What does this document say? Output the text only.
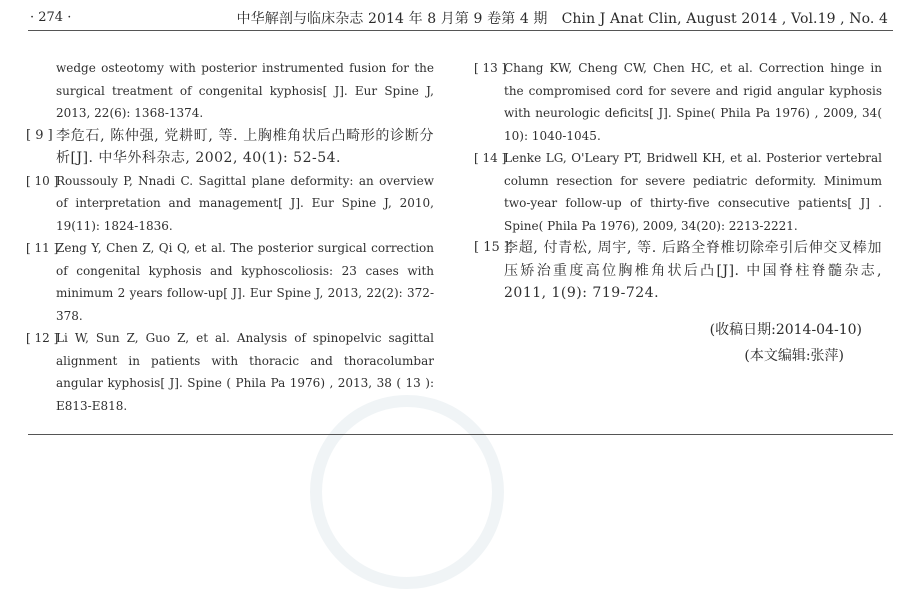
· 274 ·	中华解剖与临床杂志 2014 年 8 月第 9 卷第 4 期　Chin J Anat Clin, August 2014 , Vol.19 , No. 4
wedge osteotomy with posterior instrumented fusion for the surgical treatment of congenital kyphosis[ J]. Eur Spine J, 2013, 22(6): 1368-1374.
[ 9 ] 李危石, 陈仲强, 党耕町, 等. 上胸椎角状后凸畸形的诊断分析[J]. 中华外科杂志, 2002, 40(1): 52-54.
[ 10 ]
Roussouly P, Nnadi C. Sagittal plane deformity: an overview of interpretation and management[ J]. Eur Spine J, 2010, 19(11): 1824-1836.
[ 11 ]
Zeng Y, Chen Z, Qi Q, et al. The posterior surgical correction of congenital kyphosis and kyphoscoliosis: 23 cases with minimum 2 years follow-up[ J]. Eur Spine J, 2013, 22(2): 372-378.
[ 12 ]
Li W, Sun Z, Guo Z, et al. Analysis of spinopelvic sagittal alignment in patients with thoracic and thoracolumbar angular kyphosis[ J]. Spine ( Phila Pa 1976) , 2013, 38 ( 13 ): E813-E818.
[ 13 ]
Chang KW, Cheng CW, Chen HC, et al. Correction hinge in the compromised cord for severe and rigid angular kyphosis with neurologic deficits[ J]. Spine( Phila Pa 1976) , 2009, 34( 10): 1040-1045.
[ 14 ]
Lenke LG, O'Leary PT, Bridwell KH, et al. Posterior vertebral column resection for severe pediatric deformity. Minimum two-year follow-up of thirty-five consecutive patients[ J] . Spine( Phila Pa 1976), 2009, 34(20): 2213-2221.
[ 15 ]
李超, 付青松, 周宇, 等. 后路全脊椎切除牵引后伸交叉棒加压矫治重度高位胸椎角状后凸[J]. 中国脊柱脊髓杂志, 2011, 1(9): 719-724.
(收稿日期:2014-04-10)
(本文编辑:张萍)
